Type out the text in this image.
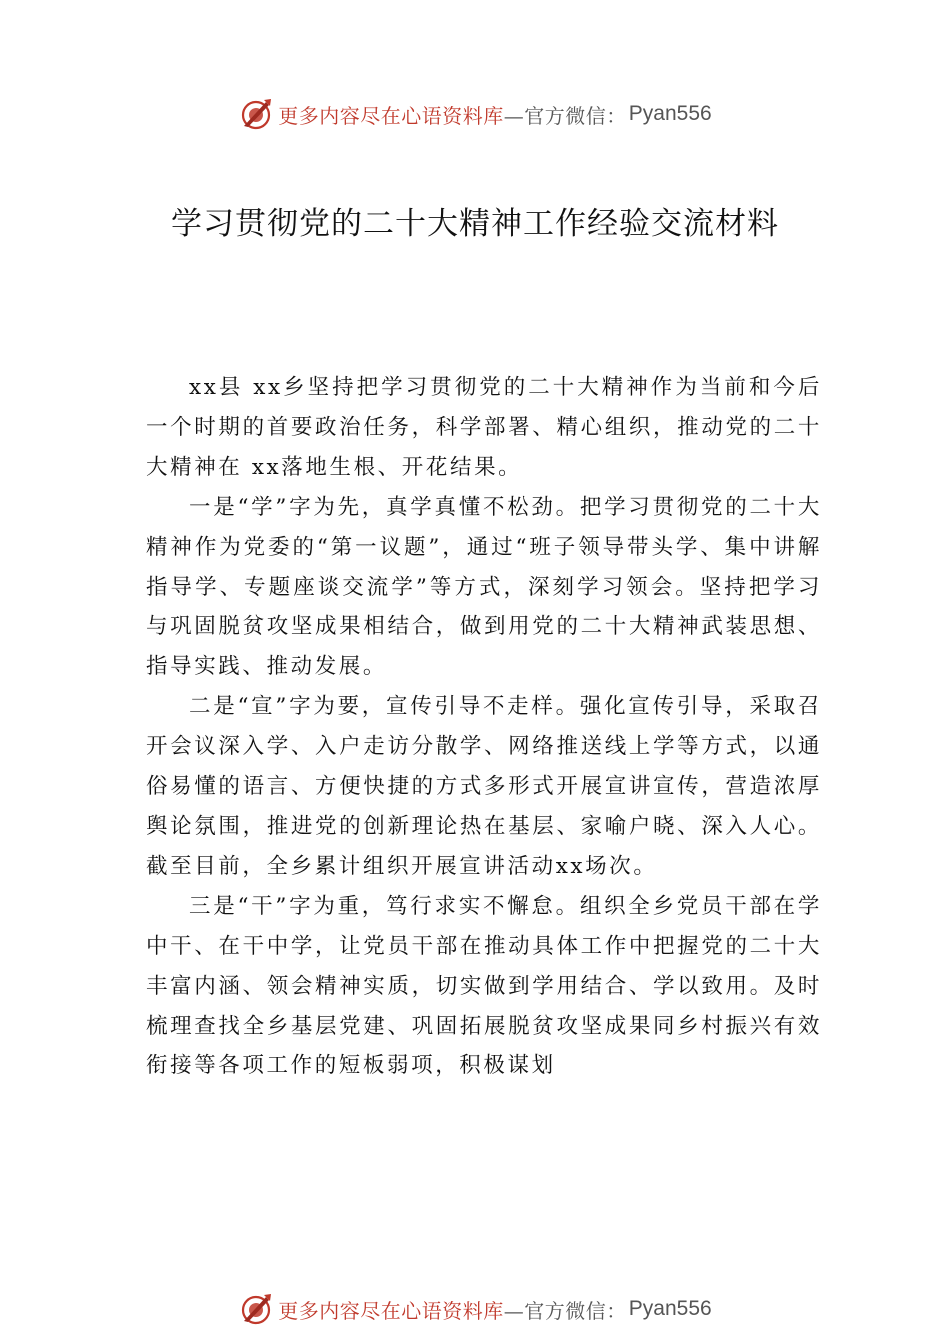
更多内容尽在心语资料库 —官方微信： Pyan556
学习贯彻党的二十大精神工作经验交流材料

xx县 xx乡坚持把学习贯彻党的二十大精神作为当前和今后一个时期的首要政治任务，科学部署、精心组织，推动党的二十大精神在 xx落地生根、开花结果。

一是“学”字为先，真学真懂不松劲。把学习贯彻党的二十大精神作为党委的“第一议题”，通过“班子领导带头学、集中讲解指导学、专题座谈交流学”等方式，深刻学习领会。坚持把学习与巩固脱贫攻坚成果相结合，做到用党的二十大精神武装思想、指导实践、推动发展。

二是“宣”字为要，宣传引导不走样。强化宣传引导，采取召开会议深入学、入户走访分散学、网络推送线上学等方式，以通俗易懂的语言、方便快捷的方式多形式开展宣讲宣传，营造浓厚舆论氛围，推进党的创新理论热在基层、家喻户晓、深入人心。截至目前，全乡累计组织开展宣讲活动xx场次。

三是“干”字为重，笃行求实不懈怠。组织全乡党员干部在学中干、在干中学，让党员干部在推动具体工作中把握党的二十大丰富内涵、领会精神实质，切实做到学用结合、学以致用。及时梳理查找全乡基层党建、巩固拓展脱贫攻坚成果同乡村振兴有效衔接等各项工作的短板弱项，积极谋划

更多内容尽在心语资料库 —官方微信： Pyan556
